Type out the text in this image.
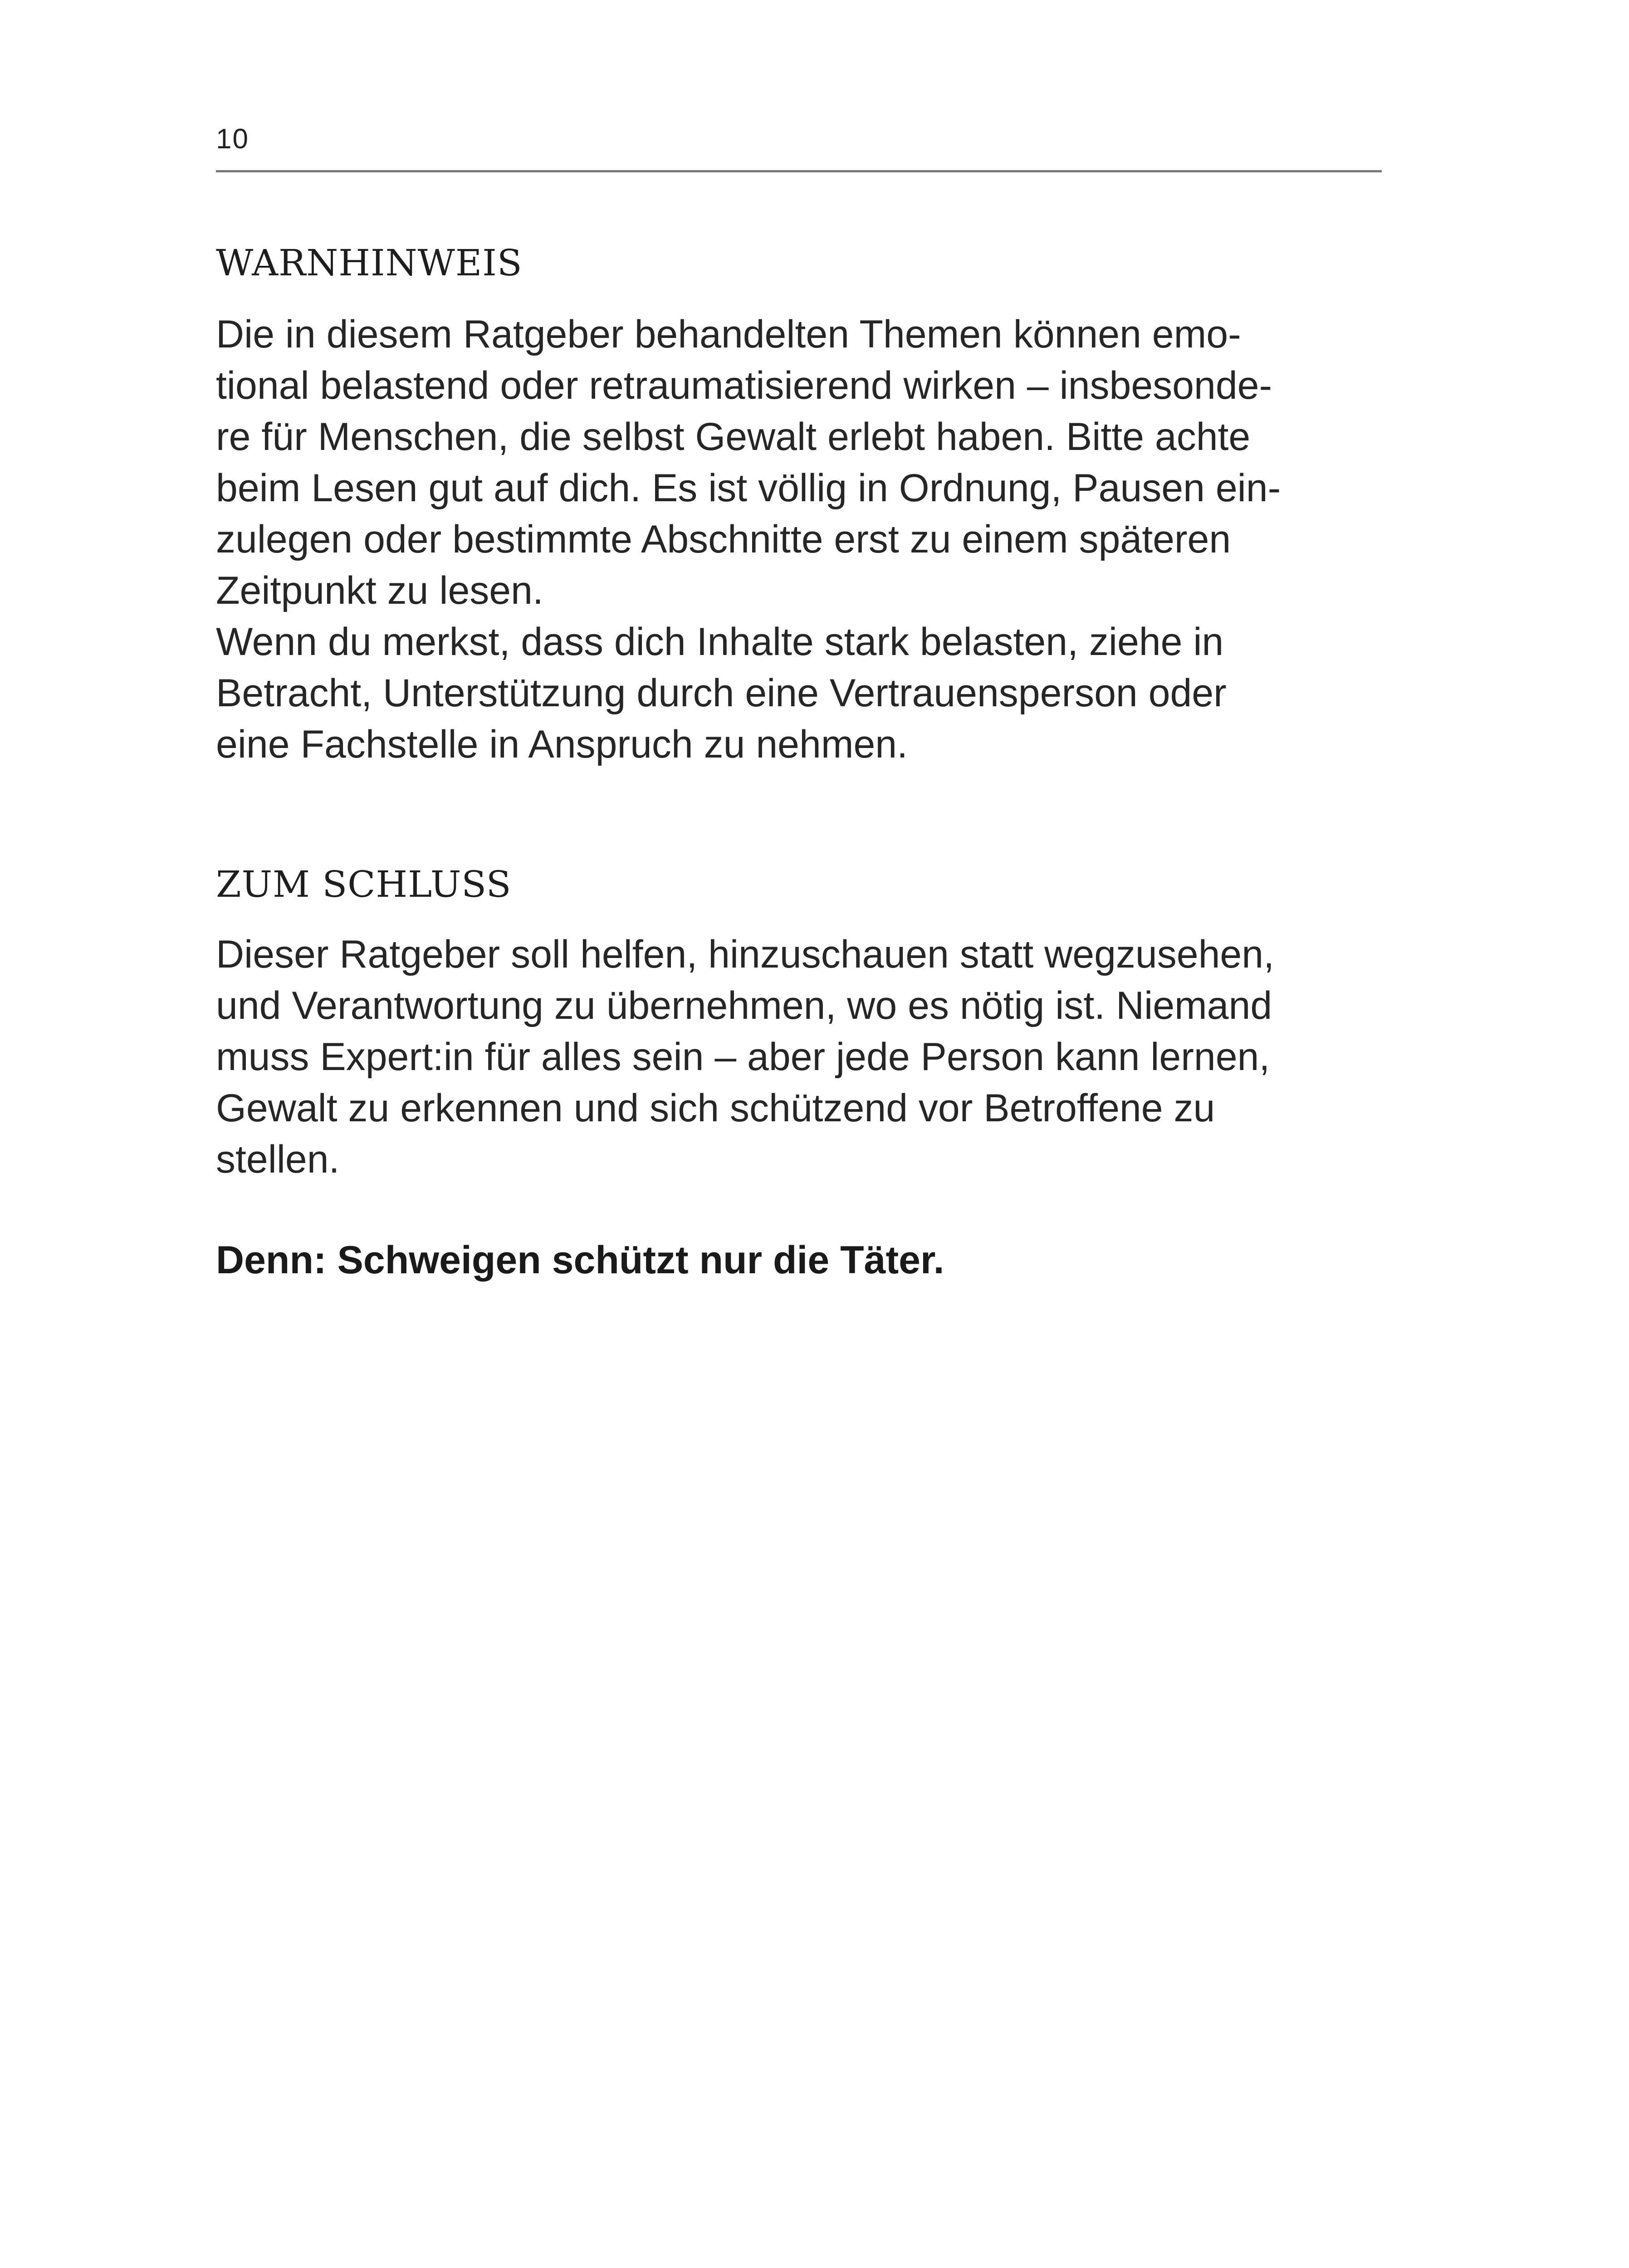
10
WARNHINWEIS
Die in diesem Ratgeber behandelten Themen können emo-
tional belastend oder retraumatisierend wirken – insbesonde-
re für Menschen, die selbst Gewalt erlebt haben. Bitte achte
beim Lesen gut auf dich. Es ist völlig in Ordnung, Pausen ein-
zulegen oder bestimmte Abschnitte erst zu einem späteren
Zeitpunkt zu lesen.
Wenn du merkst, dass dich Inhalte stark belasten, ziehe in
Betracht, Unterstützung durch eine Vertrauensperson oder
eine Fachstelle in Anspruch zu nehmen.
ZUM SCHLUSS
Dieser Ratgeber soll helfen, hinzuschauen statt wegzusehen,
und Verantwortung zu übernehmen, wo es nötig ist. Niemand
muss Expert:in für alles sein – aber jede Person kann lernen,
Gewalt zu erkennen und sich schützend vor Betroffene zu
stellen.

Denn: Schweigen schützt nur die Täter.
